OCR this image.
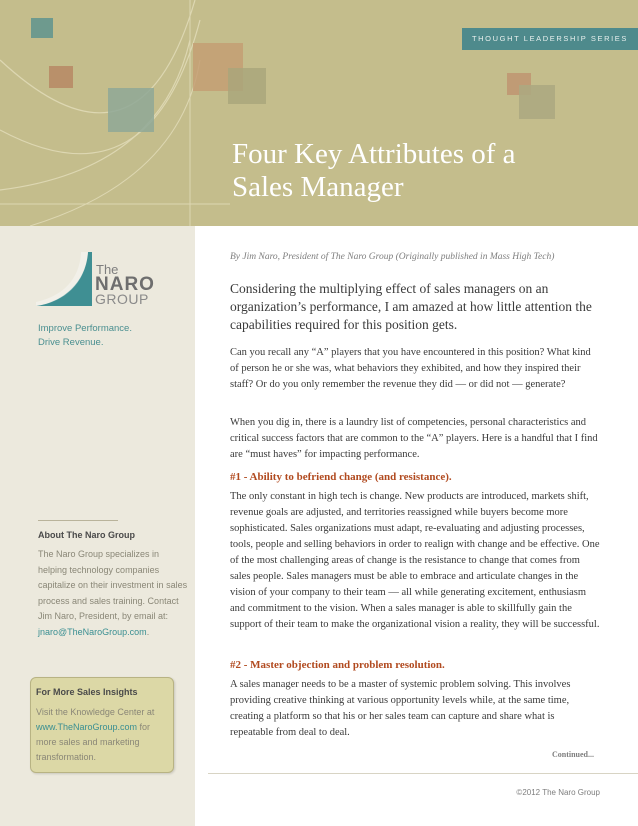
THOUGHT LEADERSHIP SERIES
Four Key Attributes of a
Sales Manager
The
NARO
GROUP
Improve Performance.
Drive Revenue.
About The Naro Group
The Naro Group specializes in helping technology companies capitalize on their investment in sales process and sales training. Contact Jim Naro, President, by email at: jnaro@TheNaroGroup.com.
For More Sales Insights
Visit the Knowledge Center at www.TheNaroGroup.com for more sales and marketing transformation.
By Jim Naro, President of The Naro Group (Originally published in Mass High Tech)
Considering the multiplying effect of sales managers on an organization’s performance, I am amazed at how little attention the capabilities required for this position gets.
Can you recall any “A” players that you have encountered in this position? What kind of person he or she was, what behaviors they exhibited, and how they inspired their staff? Or do you only remember the revenue they did — or did not — generate?
When you dig in, there is a laundry list of competencies, personal characteristics and critical success factors that are common to the “A” players. Here is a handful that I find are “must haves” for impacting performance.
#1 - Ability to befriend change (and resistance).
The only constant in high tech is change. New products are introduced, markets shift, revenue goals are adjusted, and territories reassigned while buyers become more sophisticated. Sales organizations must adapt, re-evaluating and adjusting processes, tools, people and selling behaviors in order to realign with change and be effective. One of the most challenging areas of change is the resistance to change that comes from sales people. Sales managers must be able to embrace and articulate changes in the vision of your company to their team — all while generating excitement, enthusiasm and commitment to the vision. When a sales manager is able to skillfully gain the support of their team to make the organizational vision a reality, they will be successful.
#2 - Master objection and problem resolution.
A sales manager needs to be a master of systemic problem solving. This involves providing creative thinking at various opportunity levels while, at the same time, creating a platform so that his or her sales team can capture and share what is repeatable from deal to deal.
Continued...
©2012 The Naro Group
